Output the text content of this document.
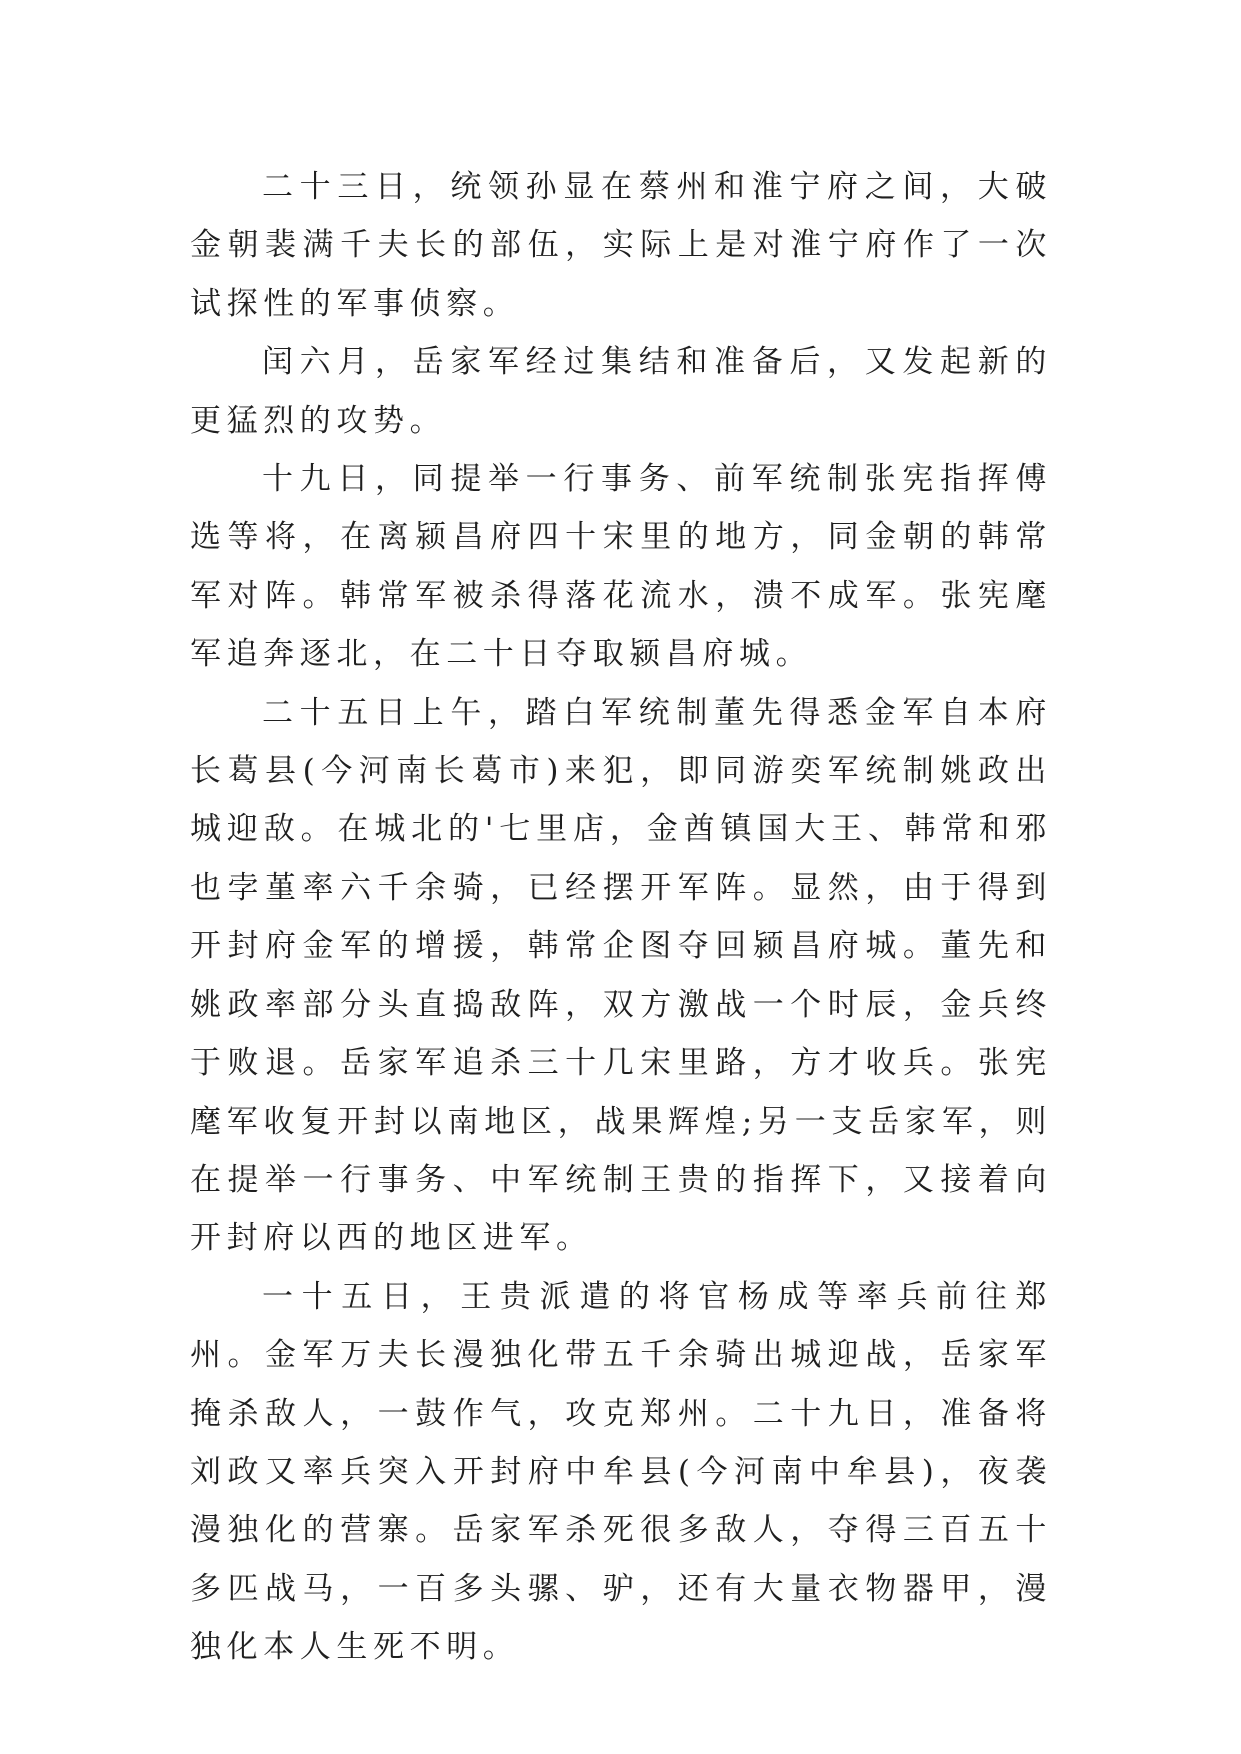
二十三日，统领孙显在蔡州和淮宁府之间，大破金朝裴满千夫长的部伍，实际上是对淮宁府作了一次试探性的军事侦察。

闰六月，岳家军经过集结和准备后，又发起新的更猛烈的攻势。

十九日，同提举一行事务、前军统制张宪指挥傅选等将，在离颍昌府四十宋里的地方，同金朝的韩常军对阵。韩常军被杀得落花流水，溃不成军。张宪麾军追奔逐北，在二十日夺取颍昌府城。

二十五日上午，踏白军统制董先得悉金军自本府长葛县(今河南长葛市)来犯，即同游奕军统制姚政出城迎敌。在城北的'七里店，金酋镇国大王、韩常和邪也孛堇率六千余骑，已经摆开军阵。显然，由于得到开封府金军的增援，韩常企图夺回颍昌府城。董先和姚政率部分头直捣敌阵，双方激战一个时辰，金兵终于败退。岳家军追杀三十几宋里路，方才收兵。张宪麾军收复开封以南地区，战果辉煌;另一支岳家军，则在提举一行事务、中军统制王贵的指挥下，又接着向开封府以西的地区进军。

一十五日，王贵派遣的将官杨成等率兵前往郑州。金军万夫长漫独化带五千余骑出城迎战，岳家军掩杀敌人，一鼓作气，攻克郑州。二十九日，准备将刘政又率兵突入开封府中牟县(今河南中牟县)，夜袭漫独化的营寨。岳家军杀死很多敌人，夺得三百五十多匹战马，一百多头骡、驴，还有大量衣物器甲，漫独化本人生死不明。
